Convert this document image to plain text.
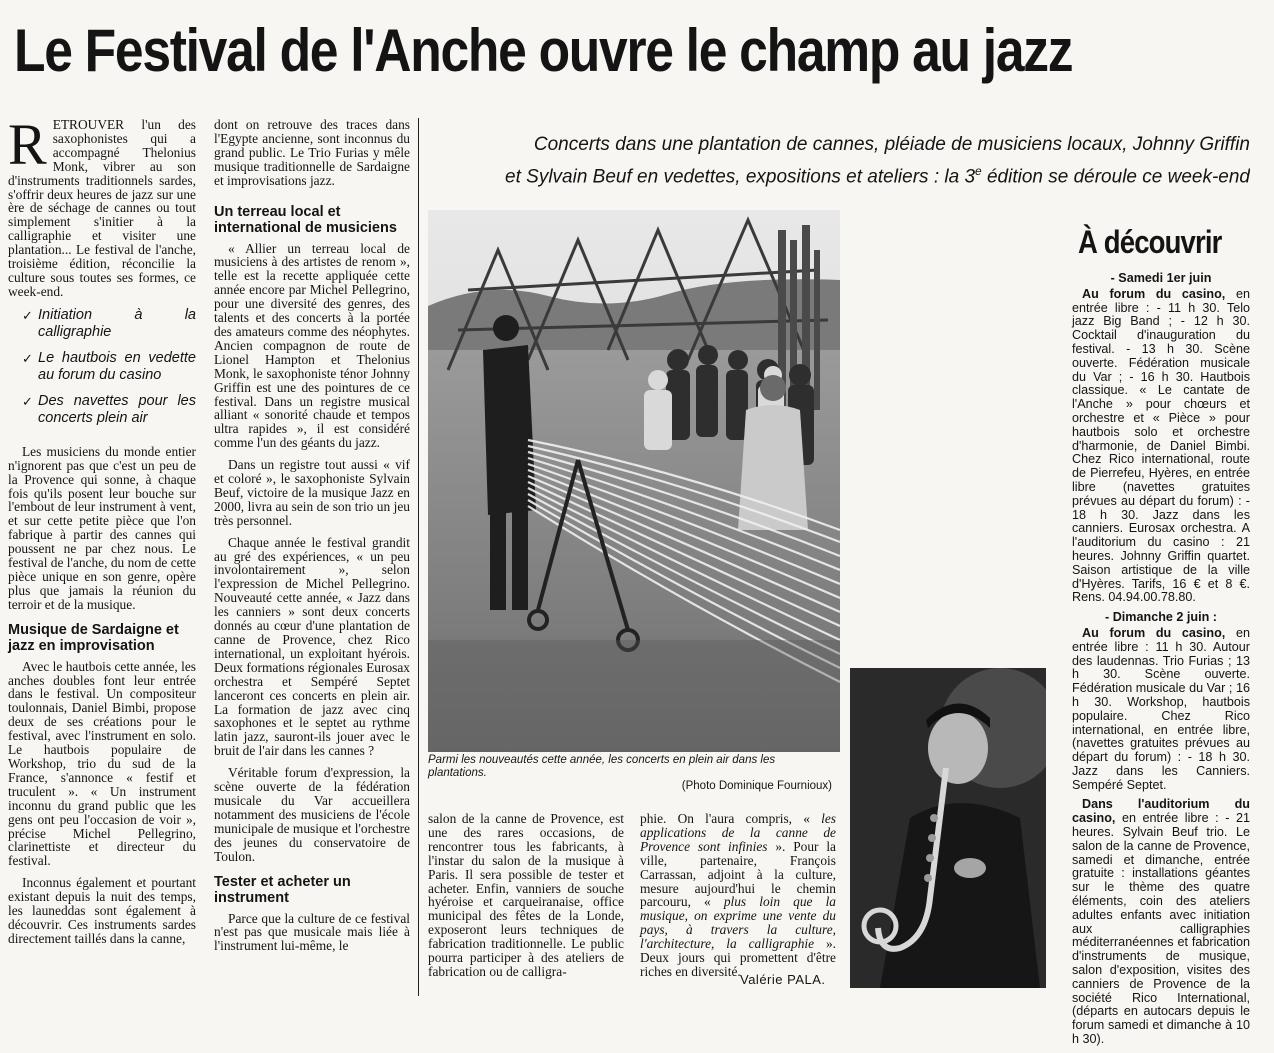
Le Festival de l'Anche ouvre le champ au jazz

RETROUVER l'un des saxophonistes qui a accompagné Thelonius Monk, vibrer au son d'instruments traditionnels sardes, s'offrir deux heures de jazz sur une ère de séchage de cannes ou tout simplement s'initier à la calligraphie et visiter une plantation... Le festival de l'anche, troisième édition, réconcilie la culture sous toutes ses formes, ce week-end.

✓ Initiation à la calligraphie
✓ Le hautbois en vedette au forum du casino
✓ Des navettes pour les concerts plein air

Les musiciens du monde entier n'ignorent pas que c'est un peu de la Provence qui sonne, à chaque fois qu'ils posent leur bouche sur l'embout de leur instrument à vent, et sur cette petite pièce que l'on fabrique à partir des cannes qui poussent ne par chez nous. Le festival de l'anche, du nom de cette pièce unique en son genre, opère plus que jamais la réunion du terroir et de la musique.

Musique de Sardaigne et jazz en improvisation

Avec le hautbois cette année, les anches doubles font leur entrée dans le festival. Un compositeur toulonnais, Daniel Bimbi, propose deux de ses créations pour le festival, avec l'instrument en solo. Le hautbois populaire de Workshop, trio du sud de la France, s'annonce « festif et truculent ». « Un instrument inconnu du grand public que les gens ont peu l'occasion de voir », précise Michel Pellegrino, clarinettiste et directeur du festival.

Inconnus également et pourtant existant depuis la nuit des temps, les launeddas sont également à découvrir. Ces instruments sardes directement taillés dans la canne,

dont on retrouve des traces dans l'Egypte ancienne, sont inconnus du grand public. Le Trio Furias y mêle musique traditionnelle de Sardaigne et improvisations jazz.

Un terreau local et international de musiciens

« Allier un terreau local de musiciens à des artistes de renom », telle est la recette appliquée cette année encore par Michel Pellegrino, pour une diversité des genres, des talents et des concerts à la portée des amateurs comme des néophytes. Ancien compagnon de route de Lionel Hampton et Thelonius Monk, le saxophoniste ténor Johnny Griffin est une des pointures de ce festival. Dans un registre musical alliant « sonorité chaude et tempos ultra rapides », il est considéré comme l'un des géants du jazz.

Dans un registre tout aussi « vif et coloré », le saxophoniste Sylvain Beuf, victoire de la musique Jazz en 2000, livra au sein de son trio un jeu très personnel.

Chaque année le festival grandit au gré des expériences, « un peu involontairement », selon l'expression de Michel Pellegrino. Nouveauté cette année, « Jazz dans les canniers » sont deux concerts donnés au cœur d'une plantation de canne de Provence, chez Rico international, un exploitant hyérois. Deux formations régionales Eurosax orchestra et Sempéré Septet lanceront ces concerts en plein air. La formation de jazz avec cinq saxophones et le septet au rythme latin jazz, sauront-ils jouer avec le bruit de l'air dans les cannes ?

Véritable forum d'expression, la scène ouverte de la fédération musicale du Var accueillera notamment des musiciens de l'école municipale de musique et l'orchestre des jeunes du conservatoire de Toulon.

Tester et acheter un instrument

Parce que la culture de ce festival n'est pas que musicale mais liée à l'instrument lui-même, le

Concerts dans une plantation de cannes, pléiade de musiciens locaux, Johnny Griffin
et Sylvain Beuf en vedettes, expositions et ateliers : la 3e édition se déroule ce week-end
Parmi les nouveautés cette année, les concerts en plein air dans les plantations.
(Photo Dominique Fournioux)

salon de la canne de Provence, est une des rares occasions, de rencontrer tous les fabricants, à l'instar du salon de la musique à Paris. Il sera possible de tester et acheter. Enfin, vanniers de souche hyéroise et carqueiranaise, office municipal des fêtes de la Londe, exposeront leurs techniques de fabrication traditionnelle. Le public pourra participer à des ateliers de fabrication ou de calligra-

phie. On l'aura compris, « les applications de la canne de Provence sont infinies ». Pour la ville, partenaire, François Carrassan, adjoint à la culture, mesure aujourd'hui le chemin parcouru, « plus loin que la musique, on exprime une vente du pays, à travers la culture, l'architecture, la calligraphie ». Deux jours qui promettent d'être riches en diversité.

Valérie PALA.
À découvrir
- Samedi 1er juin

Au forum du casino, en entrée libre : - 11 h 30. Telo jazz Big Band ; - 12 h 30. Cocktail d'inauguration du festival. - 13 h 30. Scène ouverte. Fédération musicale du Var ; - 16 h 30. Hautbois classique. « Le cantate de l'Anche » pour chœurs et orchestre et « Pièce » pour hautbois solo et orchestre d'harmonie, de Daniel Bimbi. Chez Rico international, route de Pierrefeu, Hyères, en entrée libre (navettes gratuites prévues au départ du forum) : - 18 h 30. Jazz dans les canniers. Eurosax orchestra. A l'auditorium du casino : 21 heures. Johnny Griffin quartet. Saison artistique de la ville d'Hyères. Tarifs, 16 € et 8 €. Rens. 04.94.00.78.80.

- Dimanche 2 juin :

Au forum du casino, en entrée libre : 11 h 30. Autour des laudennas. Trio Furias ; 13 h 30. Scène ouverte. Fédération musicale du Var ; 16 h 30. Workshop, hautbois populaire. Chez Rico international, en entrée libre, (navettes gratuites prévues au départ du forum) : - 18 h 30. Jazz dans les Canniers. Sempéré Septet.

Dans l'auditorium du casino, en entrée libre : - 21 heures. Sylvain Beuf trio. Le salon de la canne de Provence, samedi et dimanche, entrée gratuite : installations géantes sur le thème des quatre éléments, coin des ateliers adultes enfants avec initiation aux calligraphies méditerranéennes et fabrication d'instruments de musique, salon d'exposition, visites des canniers de Provence de la société Rico International, (départs en autocars depuis le forum samedi et dimanche à 10 h 30).
